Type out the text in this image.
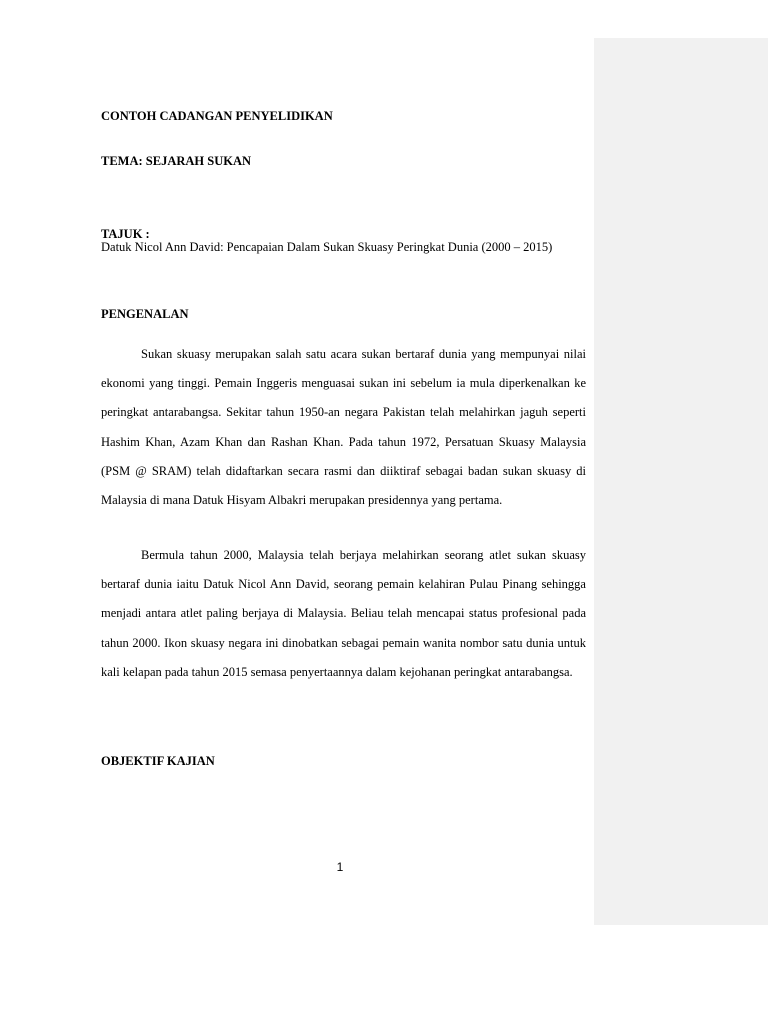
CONTOH CADANGAN PENYELIDIKAN

TEMA: SEJARAH SUKAN

TAJUK :

Datuk Nicol Ann David: Pencapaian Dalam Sukan Skuasy Peringkat Dunia (2000 – 2015)

PENGENALAN

Sukan skuasy merupakan salah satu acara sukan bertaraf dunia yang mempunyai nilai ekonomi yang tinggi. Pemain Inggeris menguasai sukan ini sebelum ia mula diperkenalkan ke peringkat antarabangsa. Sekitar tahun 1950-an negara Pakistan telah melahirkan jaguh seperti Hashim Khan, Azam Khan dan Rashan Khan. Pada tahun 1972, Persatuan Skuasy Malaysia (PSM @ SRAM) telah didaftarkan secara rasmi dan diiktiraf sebagai badan sukan skuasy di Malaysia di mana Datuk Hisyam Albakri merupakan presidennya yang pertama.

Bermula tahun 2000, Malaysia telah berjaya melahirkan seorang atlet sukan skuasy bertaraf dunia iaitu Datuk Nicol Ann David, seorang pemain kelahiran Pulau Pinang sehingga menjadi antara atlet paling berjaya di Malaysia. Beliau telah mencapai status profesional pada tahun 2000. Ikon skuasy negara ini dinobatkan sebagai pemain wanita nombor satu dunia untuk kali kelapan pada tahun 2015 semasa penyertaannya dalam kejohanan peringkat antarabangsa.

OBJEKTIF KAJIAN

1
